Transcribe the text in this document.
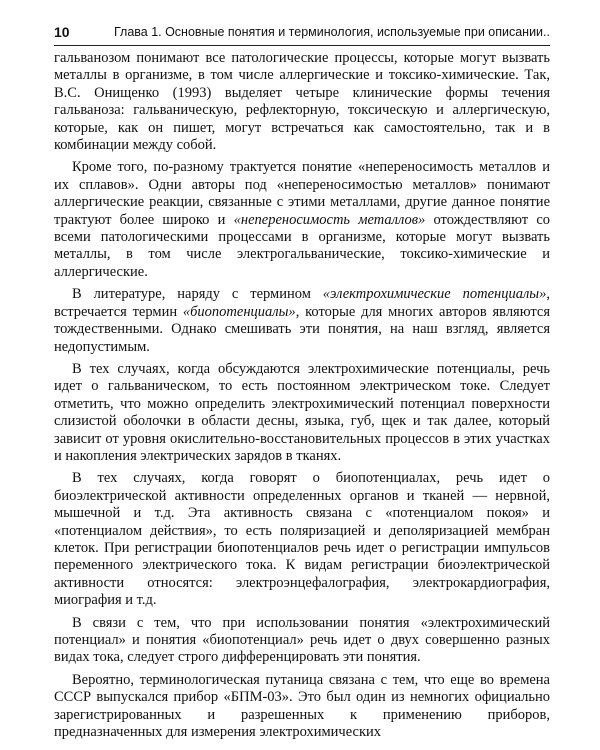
10	Глава 1. Основные понятия и терминология, используемые при описании..

гальванозом понимают все патологические процессы, которые могут вызвать металлы в организме, в том числе аллергические и токсико-химические. Так, В.С. Онищенко (1993) выделяет четыре клинические формы течения гальваноза: гальваническую, рефлекторную, токсическую и аллергическую, которые, как он пишет, могут встречаться как самостоятельно, так и в комбинации между собой.

Кроме того, по-разному трактуется понятие «непереносимость металлов и их сплавов». Одни авторы под «непереносимостью металлов» понимают аллергические реакции, связанные с этими металлами, другие данное понятие трактуют более широко и «непереносимость металлов» отождествляют со всеми патологическими процессами в организме, которые могут вызвать металлы, в том числе электрогальванические, токсико-химические и аллергические.

В литературе, наряду с термином «электрохимические потенциалы», встречается термин «биопотенциалы», которые для многих авторов являются тождественными. Однако смешивать эти понятия, на наш взгляд, является недопустимым.

В тех случаях, когда обсуждаются электрохимические потенциалы, речь идет о гальваническом, то есть постоянном электрическом токе. Следует отметить, что можно определить электрохимический потенциал поверхности слизистой оболочки в области десны, языка, губ, щек и так далее, который зависит от уровня окислительно-восстановительных процессов в этих участках и накопления электрических зарядов в тканях.

В тех случаях, когда говорят о биопотенциалах, речь идет о биоэлектрической активности определенных органов и тканей — нервной, мышечной и т.д. Эта активность связана с «потенциалом покоя» и «потенциалом действия», то есть поляризацией и деполяризацией мембран клеток. При регистрации биопотенциалов речь идет о регистрации импульсов переменного электрического тока. К видам регистрации биоэлектрической активности относятся: электроэнцефалография, электрокардиография, миография и т.д.

В связи с тем, что при использовании понятия «электрохимический потенциал» и понятия «биопотенциал» речь идет о двух совершенно разных видах тока, следует строго дифференцировать эти понятия.

Вероятно, терминологическая путаница связана с тем, что еще во времена СССР выпускался прибор «БПМ-03». Это был один из немногих официально зарегистрированных и разрешенных к применению приборов, предназначенных для измерения электрохимических
